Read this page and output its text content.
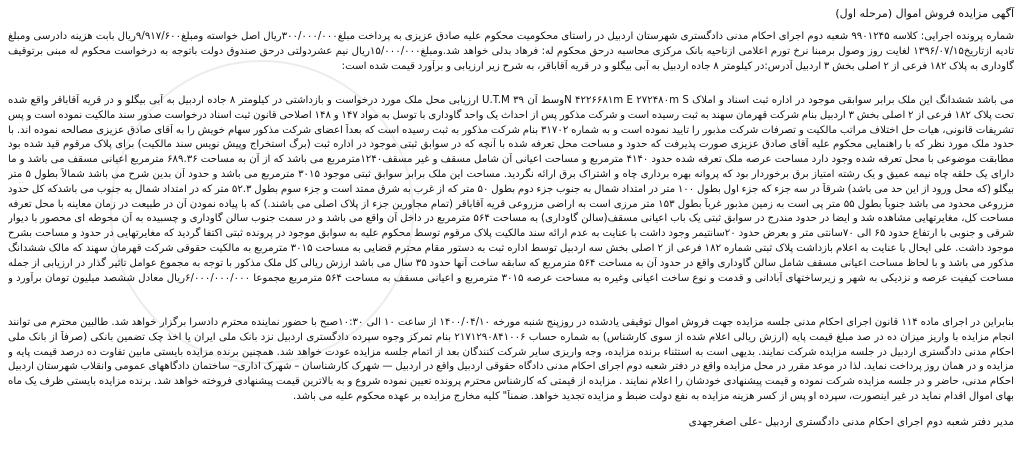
آگهی مزایده فروش اموال (مرحله اول)
شماره پرونده اجرایی: کلاسه ۹۹۰۱۲۴۵ شعبه دوم اجرای احکام مدنی دادگستری شهرستان اردبیل در راستای محکومیت محکوم علیه صادق عزیزی به پرداخت مبلغ۳۰۰/۰۰۰/۰۰۰ریال اصل خواسته ومبلغ۹/۹۱۷/۶۰۰ریال بابت هزینه دادرسی ومبلغ
تادیه ازتاریخ۱۳۹۶/۰۷/۱۵ لغایت روز وصول برمبنا نرخ تورم اعلامی ازناحیه بانک مرکزی محاسبه درحق محکوم له: فرهاد بدلی خواهد شد.ومبلغ۱۵/۰۰۰/۰۰۰ریال نیم عشردولتی درحق صندوق دولت باتوجه به درخواست محکوم له مبنی برتوقیف
گاوداری به پلاک ۱۸۲ فرعی از ۲ اصلی بخش ۳ اردبیل آدرس:در کیلومتر ۸ جاده اردبیل به آبی بیگلو و در قریه آقاباقر، به شرح زیر ارزیابی و برآورد قیمت شده است:
می باشد ششدانگ این ملک برابر سوابقی موجود در اداره ثبت اسناد و املاک N ۴۲۲۶۶۸۱m E ۲۷۲۴۸۰m Sوسط آن ۳۹ U.T.M ارزیابی محل ملک مورد درخواست و بازداشتی در کیلومتر ۸ جاده اردبیل به آبی بیگلو و در قریه آقاباقر واقع شده
تحت پلاک ۱۸۲ فرعی از ۲ اصلی بخش ۳ اردبیل بنام شرکت قهرمان سهند به ثبت رسیده است و شرکت مذکور پس از احداث یک واحد گاوداری با توسل به مواد ۱۴۷ و ۱۴۸ اصلاحی قانون ثبت اسناد درخواست صدور سند مالکیت نموده است و پس
تشریفات قانونی، هیات حل اختلاف مراتب مالکیت و تصرفات شرکت مذبور را تایید نموده است و به شماره ۳۱۷۰۲ بنام شرکت مذکور به ثبت رسیده است که بعداً اعضای شرکت مذکور سهام خویش را به آقای صادق عزیزی مصالحه نموده اند. با
حدود ملک مورد نظر که با راهنمایی محکوم علیه آقای صادق عزیزی صورت پذیرفت که حدود و مساحت محل تعرفه شده با آنچه که در سوابق ثبتی موجود در اداره ثبت (برگ استخراج وپیش نویس سند مالکیت) برای پلاک مرقوم قید شده بود
مطابقت موضوعی با محل تعرفه شده وجود دارد مساحت عرصه ملک تعرفه شده حدود ۴۱۴۰ مترمربع و مساحت اعیانی آن شامل مسقف و غیر مسقف۱۲۴۰مترمربع می باشد که از آن به مساحت ۶۸۹.۳۶ مترمربع اعیانی مسقف می باشد و ما
دارای یک حلقه چاه نیمه عمیق و یک رشته امتیاز برق برخوردار بود که پروانه بهره برداری چاه و اشتراک برق ارائه نگردید. مساحت این ملک برابر سوابق ثبتی موجود ۳۰۱۵ مترمربع می باشد و حدود آن بدین شرح می باشد شمالاً بطول ۵ متر
بیگلو (که محل ورود از این حد می باشد) شرقاً در سه جزء که جزء اول بطول ۱۰۰ متر در امتداد شمال به جنوب جزء دوم بطول ۵۰ متر که از غرب به شرق ممتد است و جزء سوم بطول ۵۲.۳ متر که در امتداد شمال به جنوب می باشدکه کل حدود
مزروعی محدود می باشد جنوباً بطول ۵۵ متر پی است به زمین مذبور غرباً بطول ۱۵۳ متر مرزی است به اراضی مزروعی قریه آقاباقر (تمام مجاورین جزء از پلاک اصلی می باشند.) که با پیاده نمودن آن در طبیعت در زمان معاینه با محل تعرفه
مساحت کل، مغایرتهایی مشاهده شد و ایضا در حدود مندرج در سوابق ثبتی یک باب اعیانی مسقف(سالن گاوداری) به مساحت ۵۶۴ مترمربع در داخل آن واقع می باشد و در سمت جنوب سالن گاوداری و چسبیده به آن محوطه ای محصور با دیوار
شرقی و جنوبی با ارتفاع حدود ۶۵ الی ۷۰سانتی متر و بعرض حدود ۲۰سانتیمر وجود داشت با عنایت به عدم ارائه سند مالکیت پلاک مرقوم توسط محکوم علیه به سوابق موجود در پرونده ثبتی اکتفا گردید که مغایرتهایی در حدود و مساحت بشرح
موجود داشت. علی ایحال با عنایت به اعلام بازداشت پلاک ثبتی شماره ۱۸۲ فرعی از ۲ اصلی بخش سه اردبیل توسط اداره ثبت به دستور مقام محترم قضایی به مساحت ۳۰۱۵ مترمربع به مالکیت حقوقی شرکت قهرمان سهند که مالک ششدانگ
مذکور می باشد و با لحاظ مساحت اعیانی مسقف شامل سالن گاوداری واقع در حدود آن به مساحت ۵۶۴ مترمربع که سابقه ساخت آنها حدود ۳۵ سال می باشد ارزش ریالی کل ملک مذکور با توجه به مجموع عوامل تاثیر گذار در ارزیابی از جمله
مساحت کیفیت عرصه و نزدیکی به شهر و زیرساختهای آبادانی و قدمت و نوع ساخت اعیانی وغیره به مساحت عرصه ۳۰۱۵ مترمربع و اعیانی مسقف به مساحت ۵۶۴ مترمربع مجموعا ۶/۰۰۰/۰۰۰/۰۰۰ریال معادل ششصد میلیون تومان برآورد و
بنابراین در اجرای ماده ۱۱۴ قانون اجرای احکام مدنی جلسه مزایده جهت فروش اموال توقیفی یادشده در روزپنج شنبه مورخه ۱۴۰۰/۰۴/۱۰ از ساعت ۱۰ الی ۱۰:۳۰صبح با حضور نماینده محترم دادسرا برگزار خواهد شد. طالبین محترم می توانند
انجام مزایده با واریز میزان ده در صد مبلغ قیمت پایه (ارزش ریالی اعلام شده از سوی کارشناس) به شماره حساب ۲۱۷۱۲۹۰۸۴۱۰۰۶ بنام تمرکز وجوه سپرده دادگستری اردبیل نزد بانک ملی ایران یا اخذ چک تضمین بانکی (صرفاً از بانک ملی
احکام مدنی دادگستری اردبیل در جلسه مزایده شرکت نمایند. بدیهی است به استثناء برنده مزایده، وجه واریزی سایر شرکت کنندگان بعد از اتمام جلسه مزایده عودت خواهد شد. همچنین برنده مزایده بایستی مابین تفاوت ده درصد قیمت پایه و
مزایده و در همان روز پرداخت نماید. لذا در موعد مقرر در محل مزایده واقع در دفتر شعبه دوم اجرای احکام مدنی دادگاه حقوقی اردبیل واقع در اردبیل — شهرک کارشناسان – شهرک اداری– ساختمان دادگاههای عمومی وانقلاب شهرستان اردبیل
احکام مدنی، حاضر و در جلسه مزایده شرکت نموده و قیمت پیشنهادی خودشان را اعلام نمایند . مزایده از قیمتی که کارشناس محترم پرونده تعیین نموده شروع و به بالاترین قیمت پیشنهادی فروخته خواهد شد. برنده مزایده بایستی ظرف یک ماه
بهای اموال اقدام نماید در غیر اینصورت، سپرده او پس از کسر هزینه مزایده به نفع دولت ضبط و مزایده تجدید خواهد. ضمناً" کلیه مخارج مزایده بر عهده محکوم علیه می باشد.
مدیر دفتر شعبه دوم اجرای احکام مدنی دادگستری اردبیل -علی اصغرجهدی
